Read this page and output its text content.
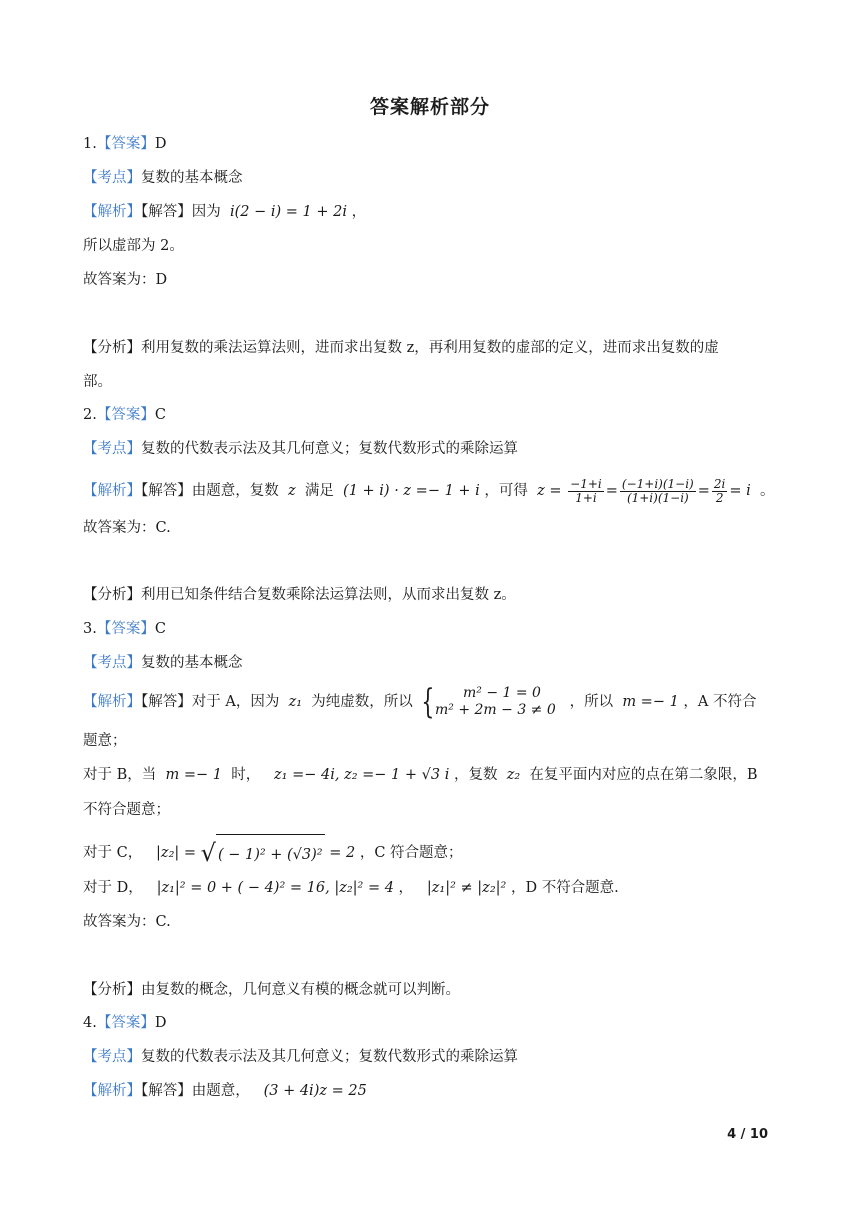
答案解析部分
1.【答案】D
【考点】复数的基本概念
【解析】【解答】因为 i(2 − i) = 1 + 2i ，
所以虚部为 2。
故答案为：D
【分析】利用复数的乘法运算法则，进而求出复数 z，再利用复数的虚部的定义，进而求出复数的虚
部。
2.【答案】C
【考点】复数的代数表示法及其几何意义；复数代数形式的乘除运算
【解析】【解答】由题意，复数 z 满足 (1 + i) · z =− 1 + i ，可得 $z = \frac{-1+i}{1+i} = \frac{(-1+i)(1-i)}{(1+i)(1-i)} = \frac{2i}{2} = i$ 。
故答案为：C.
【分析】利用已知条件结合复数乘除法运算法则，从而求出复数 z。
3.【答案】C
【考点】复数的基本概念
【解析】【解答】对于 A，因为 z₁ 为纯虚数，所以 {	m² − 1 = 0
m² + 2m − 3 ≠ 0 ，所以 m =− 1 ，A 不符合
题意；
对于 B，当 m =− 1 时， z₁ =− 4i, z₂ =− 1 + √3 i ，复数 z₂ 在复平面内对应的点在第二象限，B
不符合题意；
对于 C， |z₂| = √ ( − 1)² + (√3)² = 2 ，C 符合题意；
对于 D， |z₁|² = 0 + ( − 4)² = 16, |z₂|² = 4 ，   |z₁|² ≠ |z₂|² ，D 不符合题意.
故答案为：C.
【分析】由复数的概念，几何意义有模的概念就可以判断。
4.【答案】D
【考点】复数的代数表示法及其几何意义；复数代数形式的乘除运算
【解析】【解答】由题意， (3 + 4i)z = 25
4 / 10
